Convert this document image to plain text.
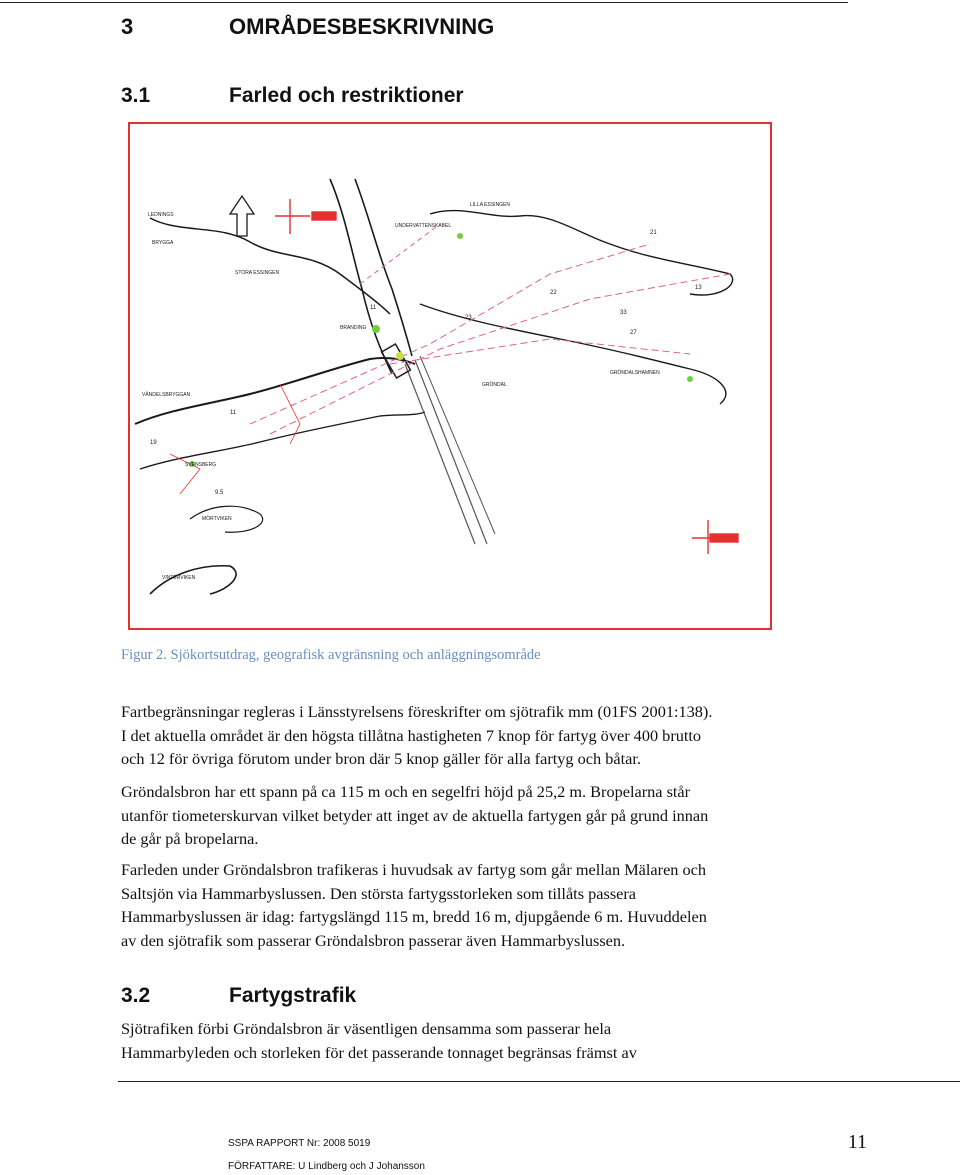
3	OMRÅDESBESKRIVNING
3.1	Farled och restriktioner
21
13
33
27
23
22
11
11
19
9.5
LEDNINGS
BRYGGA
STORA ESSINGEN
LILLA ESSINGEN
UNDERVATTENSKABEL
GRÖNDAL
GRÖNDALSHAMNEN
VÄNDELSBRYGGAN
SVENSBERG
MÖRTVIKEN
VINTERVIKEN
BRANDING
Figur 2. Sjökortsutdrag, geografisk avgränsning och anläggningsområde
Fartbegränsningar regleras i Länsstyrelsens föreskrifter om sjötrafik mm (01FS 2001:138).
I det aktuella området är den högsta tillåtna hastigheten 7 knop för fartyg över 400 brutto
och 12 för övriga förutom under bron där 5 knop gäller för alla fartyg och båtar.
Gröndalsbron har ett spann på ca 115 m och en segelfri höjd på 25,2 m. Bropelarna står
utanför tiometerskurvan vilket betyder att inget av de aktuella fartygen går på grund innan
de går på bropelarna.
Farleden under Gröndalsbron trafikeras i huvudsak av fartyg som går mellan Mälaren och
Saltsjön via Hammarbyslussen. Den största fartygsstorleken som tillåts passera
Hammarbyslussen är idag: fartygslängd 115 m, bredd 16 m, djupgående 6 m. Huvuddelen
av den sjötrafik som passerar Gröndalsbron passerar även Hammarbyslussen.
3.2	Fartygstrafik
Sjötrafiken förbi Gröndalsbron är väsentligen densamma som passerar hela
Hammarbyleden och storleken för det passerande tonnaget begränsas främst av
SSPA RAPPORT Nr: 2008 5019
FÖRFATTARE: U Lindberg och J Johansson
11
